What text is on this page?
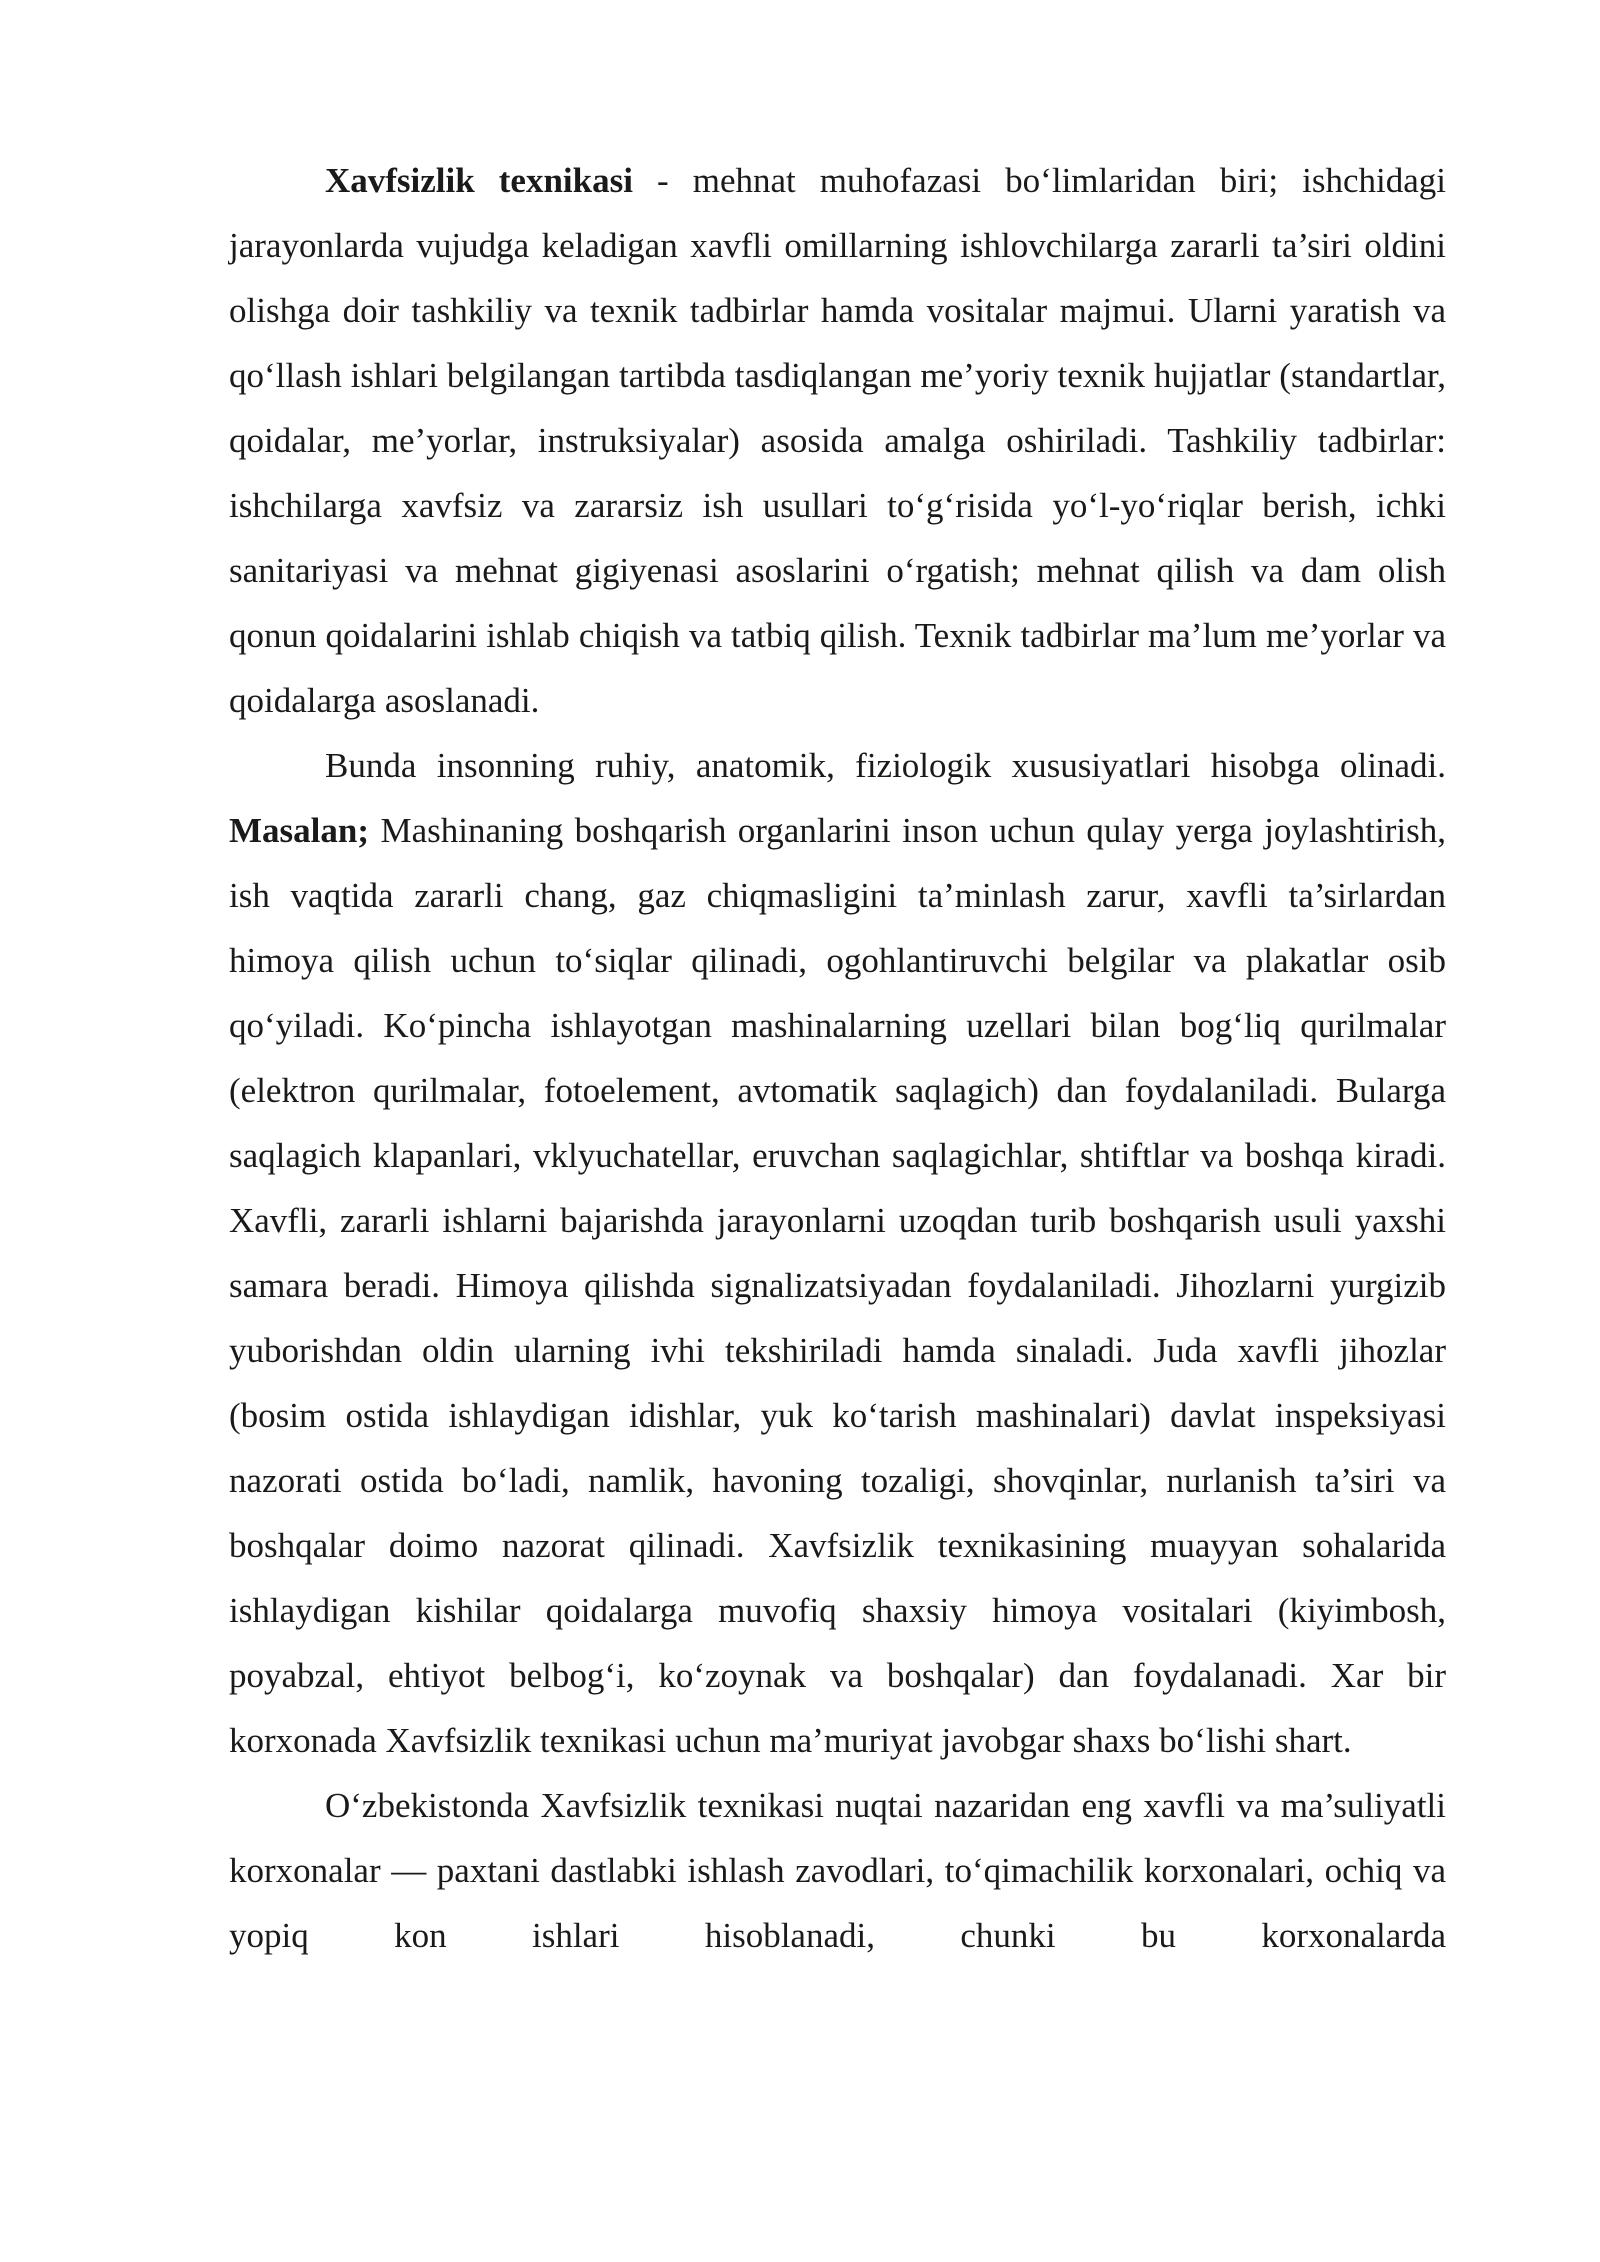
Xavfsizlik texnikasi - mehnat muhofazasi bo‘limlaridan biri; ishchidagi jarayonlarda vujudga keladigan xavfli omillarning ishlovchilarga zararli ta’siri oldini olishga doir tashkiliy va texnik tadbirlar hamda vositalar majmui. Ularni yaratish va qo‘llash ishlari belgilangan tartibda tasdiqlangan me’yoriy texnik hujjatlar (standartlar, qoidalar, me’yorlar, instruksiyalar) asosida amalga oshiriladi. Tashkiliy tadbirlar: ishchilarga xavfsiz va zararsiz ish usullari to‘g‘risida yo‘l-yo‘riqlar berish, ichki sanitariyasi va mehnat gigiyenasi asoslarini o‘rgatish; mehnat qilish va dam olish qonun qoidalarini ishlab chiqish va tatbiq qilish. Texnik tadbirlar ma’lum me’yorlar va qoidalarga asoslanadi.

Bunda insonning ruhiy, anatomik, fiziologik xususiyatlari hisobga olinadi. Masalan; Mashinaning boshqarish organlarini inson uchun qulay yerga joylashtirish, ish vaqtida zararli chang, gaz chiqmasligini ta’minlash zarur, xavfli ta’sirlardan himoya qilish uchun to‘siqlar qilinadi, ogohlantiruvchi belgilar va plakatlar osib qo‘yiladi. Ko‘pincha ishlayotgan mashinalarning uzellari bilan bog‘liq qurilmalar (elektron qurilmalar, fotoelement, avtomatik saqlagich) dan foydalaniladi. Bularga saqlagich klapanlari, vklyuchatellar, eruvchan saqlagichlar, shtiftlar va boshqa kiradi. Xavfli, zararli ishlarni bajarishda jarayonlarni uzoqdan turib boshqarish usuli yaxshi samara beradi. Himoya qilishda signalizatsiyadan foydalaniladi. Jihozlarni yurgizib yuborishdan oldin ularning ivhi tekshiriladi hamda sinaladi. Juda xavfli jihozlar (bosim ostida ishlaydigan idishlar, yuk ko‘tarish mashinalari) davlat inspeksiyasi nazorati ostida bo‘ladi, namlik, havoning tozaligi, shovqinlar, nurlanish ta’siri va boshqalar doimo nazorat qilinadi. Xavfsizlik texnikasining muayyan sohalarida ishlaydigan kishilar qoidalarga muvofiq shaxsiy himoya vositalari (kiyimbosh, poyabzal, ehtiyot belbog‘i, ko‘zoynak va boshqalar) dan foydalanadi. Xar bir korxonada Xavfsizlik texnikasi uchun ma’muriyat javobgar shaxs bo‘lishi shart.

O‘zbekistonda Xavfsizlik texnikasi nuqtai nazaridan eng xavfli va ma’suliyatli korxonalar — paxtani dastlabki ishlash zavodlari, to‘qimachilik korxonalari, ochiq va yopiq kon ishlari hisoblanadi, chunki bu korxonalarda
